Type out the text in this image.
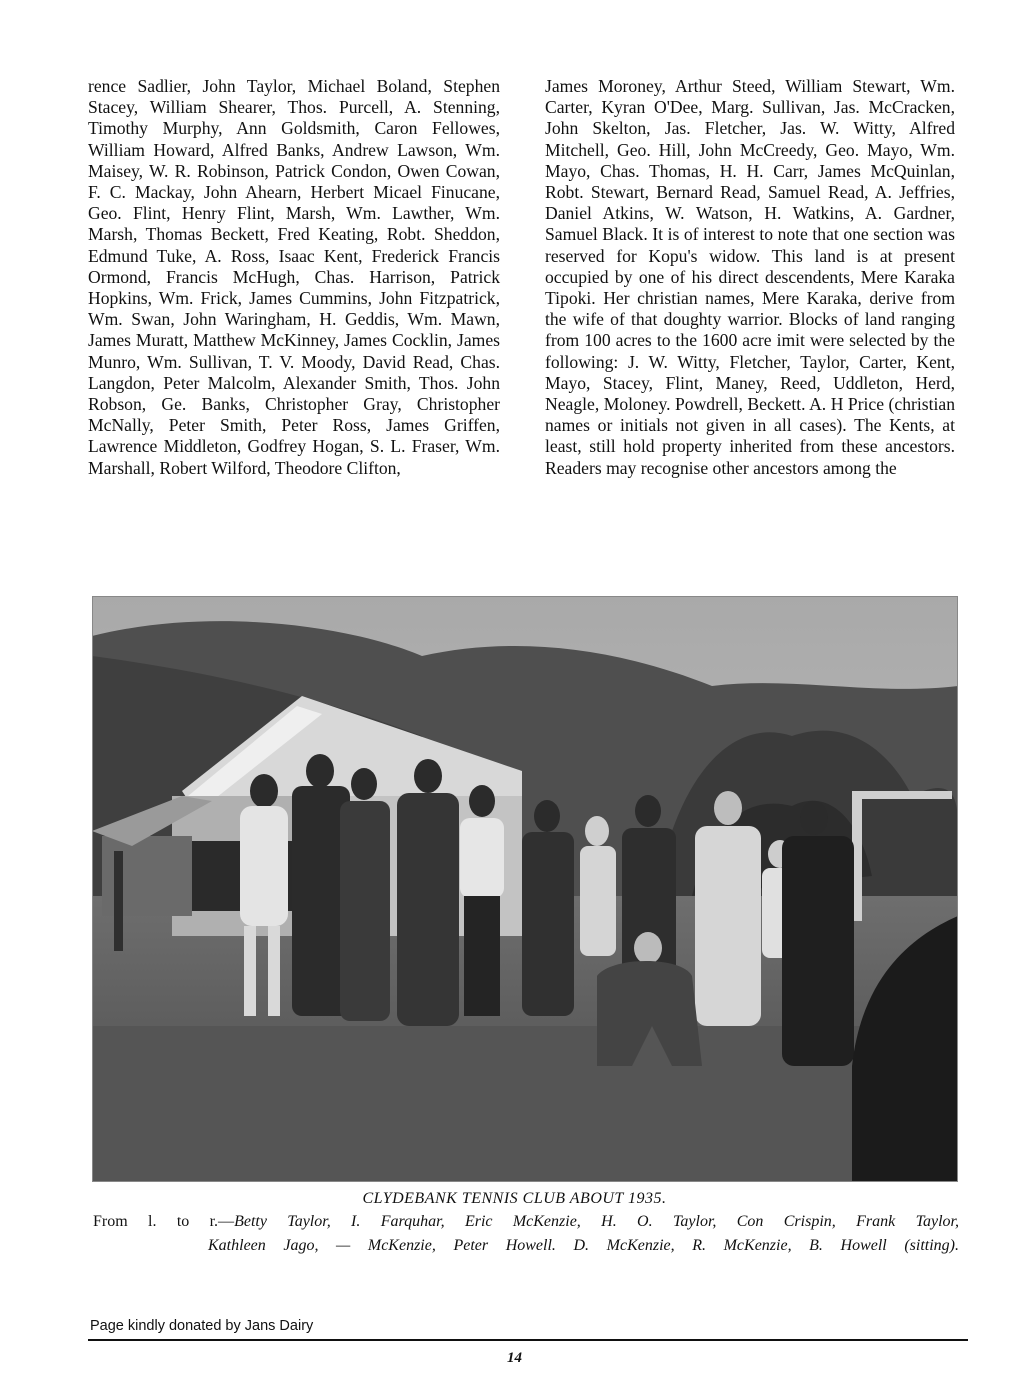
rence Sadlier, John Taylor, Michael Boland, Stephen Stacey, William Shearer, Thos. Purcell, A. Stenning, Timothy Murphy, Ann Goldsmith, Caron Fellowes, William Howard, Alfred Banks, Andrew Lawson, Wm. Maisey, W. R. Robinson, Patrick Condon, Owen Cowan, F. C. Mackay, John Ahearn, Herbert Micael Finucane, Geo. Flint, Henry Flint, Marsh, Wm. Lawther, Wm. Marsh, Thomas Beckett, Fred Keating, Robt. Sheddon, Edmund Tuke, A. Ross, Isaac Kent, Frederick Francis Ormond, Francis McHugh, Chas. Harrison, Patrick Hopkins, Wm. Frick, James Cummins, John Fitzpatrick, Wm. Swan, John Waringham, H. Geddis, Wm. Mawn, James Muratt, Matthew McKinney, James Cocklin, James Munro, Wm. Sullivan, T. V. Moody, David Read, Chas. Langdon, Peter Malcolm, Alexander Smith, Thos. John Robson, Ge. Banks, Christopher Gray, Christopher McNally, Peter Smith, Peter Ross, James Griffen, Lawrence Middleton, Godfrey Hogan, S. L. Fraser, Wm. Marshall, Robert Wilford, Theodore Clifton,

James Moroney, Arthur Steed, William Stewart, Wm. Carter, Kyran O'Dee, Marg. Sullivan, Jas. McCracken, John Skelton, Jas. Fletcher, Jas. W. Witty, Alfred Mitchell, Geo. Hill, John McCreedy, Geo. Mayo, Wm. Mayo, Chas. Thomas, H. H. Carr, James McQuinlan, Robt. Stewart, Bernard Read, Samuel Read, A. Jeffries, Daniel Atkins, W. Watson, H. Watkins, A. Gardner, Samuel Black. It is of interest to note that one section was reserved for Kopu's widow. This land is at present occupied by one of his direct descendents, Mere Karaka Tipoki. Her christian names, Mere Karaka, derive from the wife of that doughty warrior. Blocks of land ranging from 100 acres to the 1600 acre imit were selected by the following: J. W. Witty, Fletcher, Taylor, Carter, Kent, Mayo, Stacey, Flint, Maney, Reed, Uddleton, Herd, Neagle, Moloney. Powdrell, Beckett. A. H Price (christian names or initials not given in all cases). The Kents, at least, still hold property inherited from these ancestors. Readers may recognise other ancestors among the

CLYDEBANK TENNIS CLUB ABOUT 1935.
From l. to r.—Betty Taylor, I. Farquhar, Eric McKenzie, H. O. Taylor, Con Crispin, Frank Taylor,
Kathleen Jago, — McKenzie, Peter Howell. D. McKenzie, R. McKenzie, B. Howell (sitting).
Page kindly donated by Jans Dairy
14
